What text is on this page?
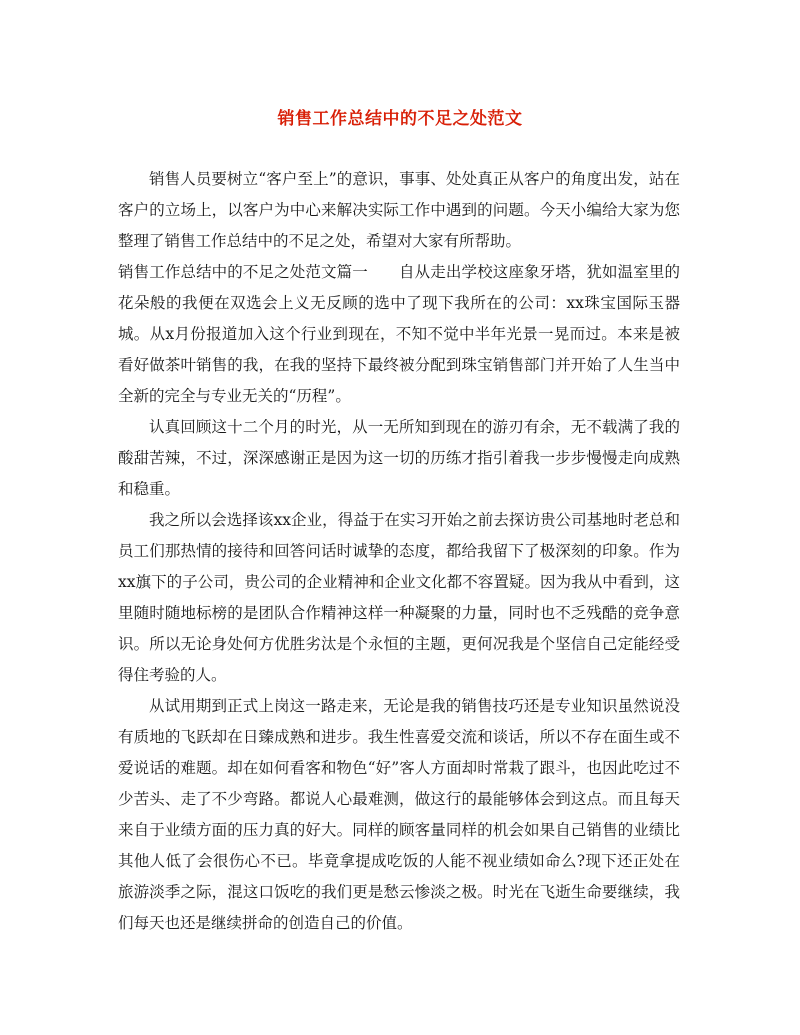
销售工作总结中的不足之处范文

销售人员要树立“客户至上”的意识，事事、处处真正从客户的角度出发，站在客户的立场上，以客户为中心来解决实际工作中遇到的问题。今天小编给大家为您整理了销售工作总结中的不足之处，希望对大家有所帮助。

销售工作总结中的不足之处范文篇一　　自从走出学校这座象牙塔，犹如温室里的花朵般的我便在双选会上义无反顾的选中了现下我所在的公司：xx珠宝国际玉器城。从x月份报道加入这个行业到现在，不知不觉中半年光景一晃而过。本来是被看好做茶叶销售的我，在我的坚持下最终被分配到珠宝销售部门并开始了人生当中全新的完全与专业无关的“历程”。

认真回顾这十二个月的时光，从一无所知到现在的游刃有余，无不载满了我的酸甜苦辣，不过，深深感谢正是因为这一切的历练才指引着我一步步慢慢走向成熟和稳重。

我之所以会选择该xx企业，得益于在实习开始之前去探访贵公司基地时老总和员工们那热情的接待和回答问话时诚挚的态度，都给我留下了极深刻的印象。作为xx旗下的子公司，贵公司的企业精神和企业文化都不容置疑。因为我从中看到，这里随时随地标榜的是团队合作精神这样一种凝聚的力量，同时也不乏残酷的竞争意识。所以无论身处何方优胜劣汰是个永恒的主题，更何况我是个坚信自己定能经受得住考验的人。

从试用期到正式上岗这一路走来，无论是我的销售技巧还是专业知识虽然说没有质地的飞跃却在日臻成熟和进步。我生性喜爱交流和谈话，所以不存在面生或不爱说话的难题。却在如何看客和物色“好”客人方面却时常栽了跟斗，也因此吃过不少苦头、走了不少弯路。都说人心最难测，做这行的最能够体会到这点。而且每天来自于业绩方面的压力真的好大。同样的顾客量同样的机会如果自己销售的业绩比其他人低了会很伤心不已。毕竟拿提成吃饭的人能不视业绩如命么?现下还正处在旅游淡季之际，混这口饭吃的我们更是愁云惨淡之极。时光在飞逝生命要继续，我们每天也还是继续拼命的创造自己的价值。
